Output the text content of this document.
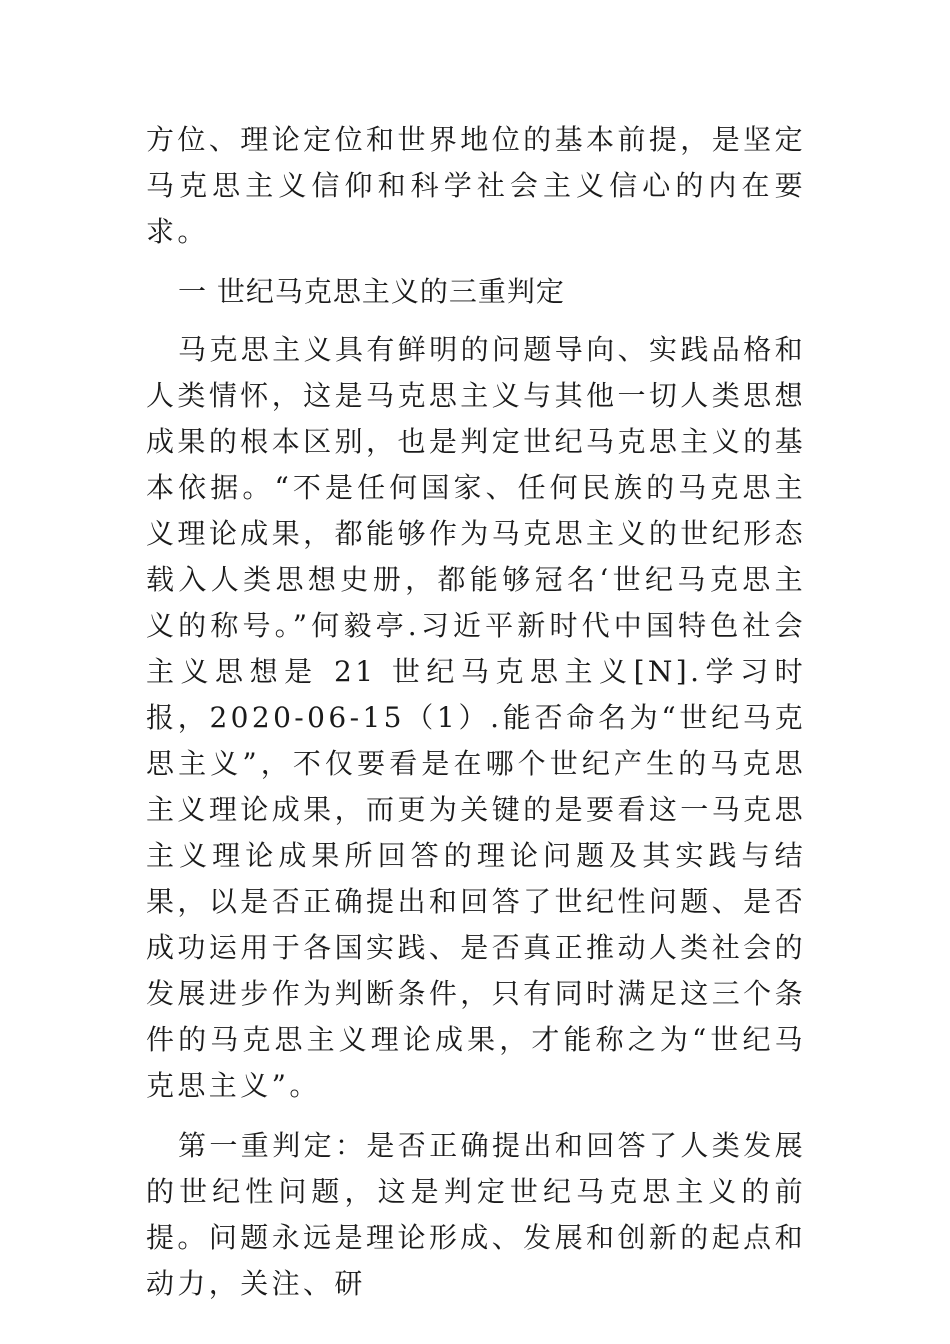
方位、理论定位和世界地位的基本前提，是坚定马克思主义信仰和科学社会主义信心的内在要求。

一 世纪马克思主义的三重判定

马克思主义具有鲜明的问题导向、实践品格和人类情怀，这是马克思主义与其他一切人类思想成果的根本区别，也是判定世纪马克思主义的基本依据。“不是任何国家、任何民族的马克思主义理论成果，都能够作为马克思主义的世纪形态载入人类思想史册，都能够冠名‘世纪马克思主义的称号。”何毅亭.习近平新时代中国特色社会主义思想是 21 世纪马克思主义[N].学习时报，2020-06-15（1）.能否命名为“世纪马克思主义”，不仅要看是在哪个世纪产生的马克思主义理论成果，而更为关键的是要看这一马克思主义理论成果所回答的理论问题及其实践与结果，以是否正确提出和回答了世纪性问题、是否成功运用于各国实践、是否真正推动人类社会的发展进步作为判断条件，只有同时满足这三个条件的马克思主义理论成果，才能称之为“世纪马克思主义”。

第一重判定：是否正确提出和回答了人类发展的世纪性问题，这是判定世纪马克思主义的前提。问题永远是理论形成、发展和创新的起点和动力，关注、研
